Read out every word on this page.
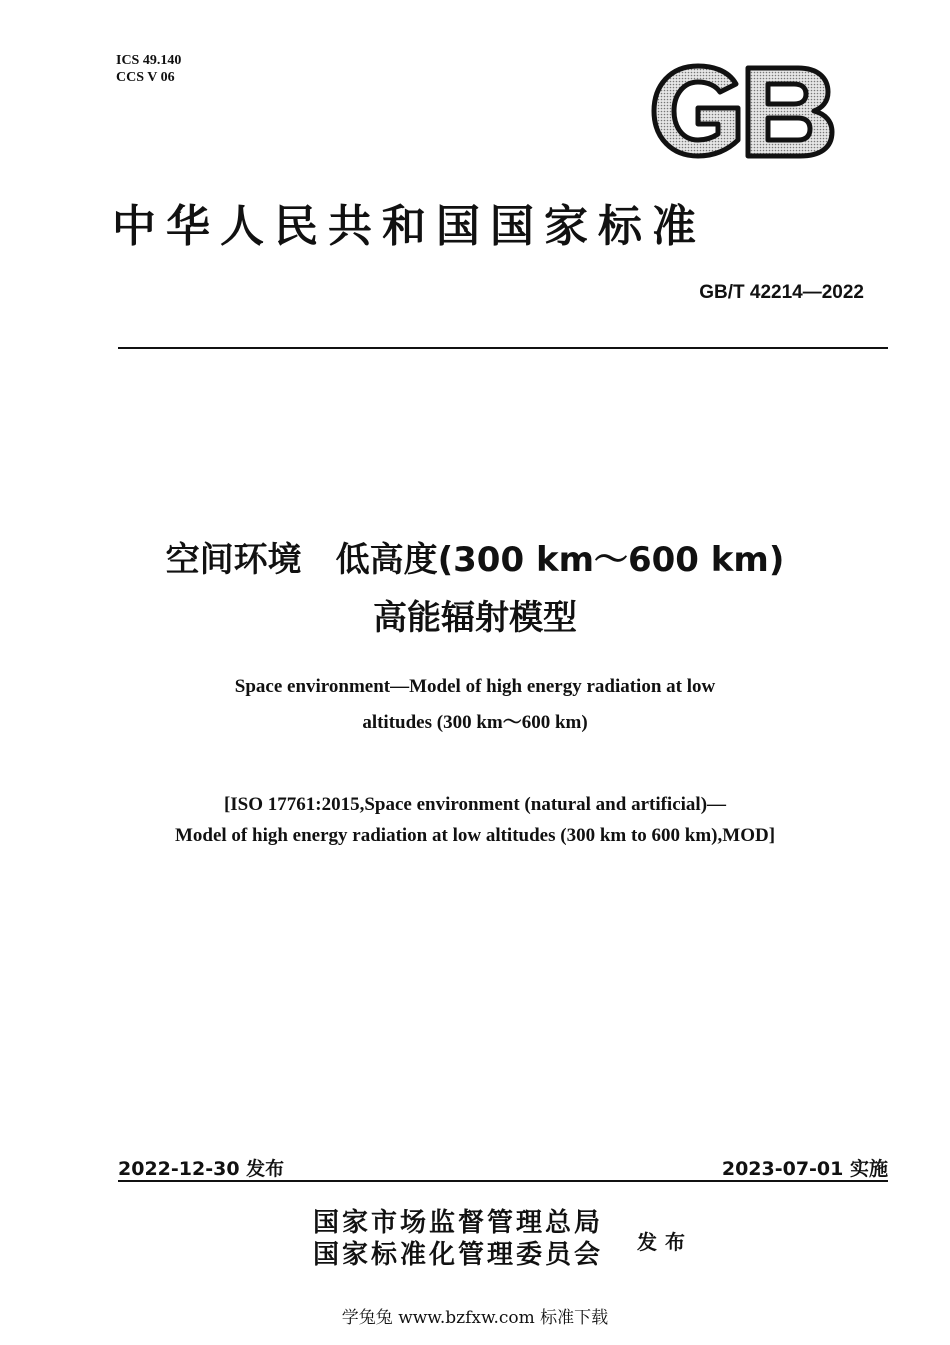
ICS 49.140
CCS V 06
中华人民共和国国家标准
GB/T 42214—2022
空间环境　低高度(300 km～600 km)
高能辐射模型
Space environment—Model of high energy radiation at low
altitudes (300 km～600 km)
[ISO 17761:2015,Space environment (natural and artificial)—
Model of high energy radiation at low altitudes (300 km to 600 km),MOD]
2022-12-30 发布	2023-07-01 实施
国家市场监督管理总局
国家标准化管理委员会 发布
学兔兔 www.bzfxw.com 标准下载
